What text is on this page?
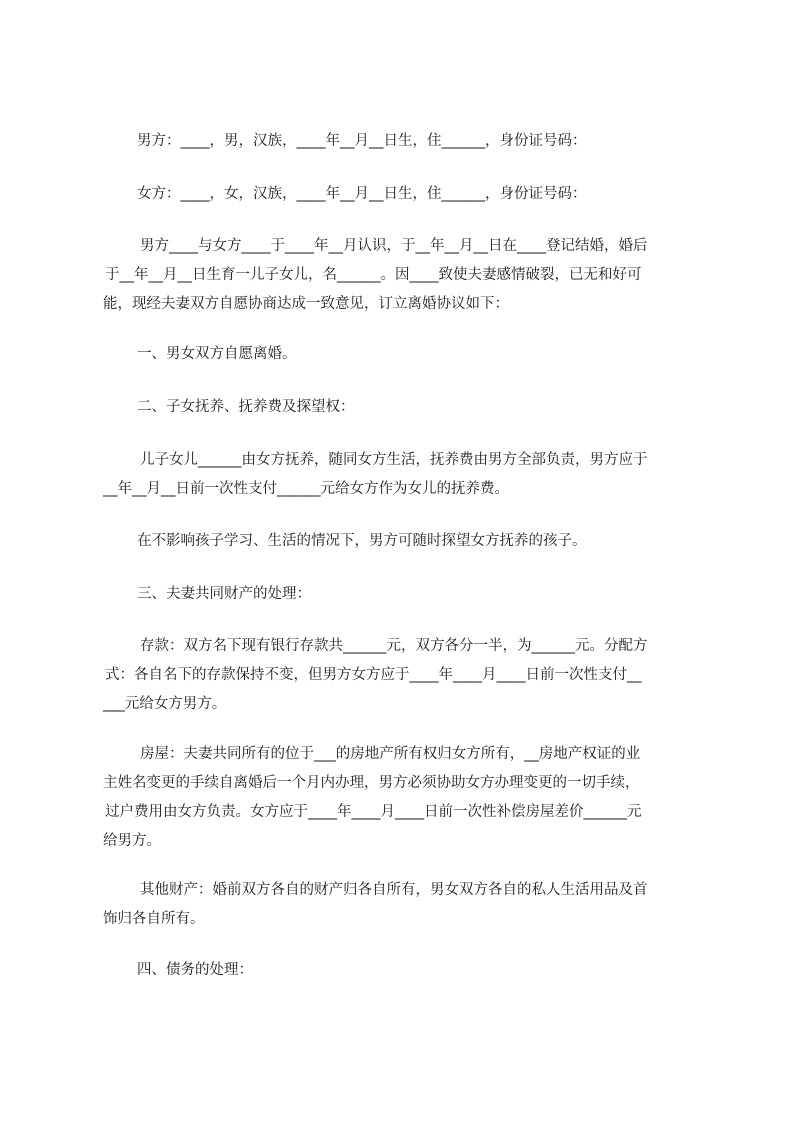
男方：____，男，汉族，____年__月__日生，住______，身份证号码：
女方：____，女，汉族，____年__月__日生，住______，身份证号码：
男方____与女方____于____年__月认识，于__年__月__日在____登记结婚，婚后
于__年__月__日生育一儿子女儿，名______。因____致使夫妻感情破裂，已无和好可
能，现经夫妻双方自愿协商达成一致意见，订立离婚协议如下：
一、男女双方自愿离婚。
二、子女抚养、抚养费及探望权：
儿子女儿______由女方抚养，随同女方生活，抚养费由男方全部负责，男方应于
__年__月__日前一次性支付______元给女方作为女儿的抚养费。
在不影响孩子学习、生活的情况下，男方可随时探望女方抚养的孩子。
三、夫妻共同财产的处理：
存款：双方名下现有银行存款共______元，双方各分一半，为______元。分配方
式：各自名下的存款保持不变，但男方女方应于____年____月____日前一次性支付__
___元给女方男方。
房屋：夫妻共同所有的位于___的房地产所有权归女方所有，__房地产权证的业
主姓名变更的手续自离婚后一个月内办理，男方必须协助女方办理变更的一切手续，
过户费用由女方负责。女方应于____年____月____日前一次性补偿房屋差价______元
给男方。
其他财产：婚前双方各自的财产归各自所有，男女双方各自的私人生活用品及首
饰归各自所有。
四、债务的处理：
